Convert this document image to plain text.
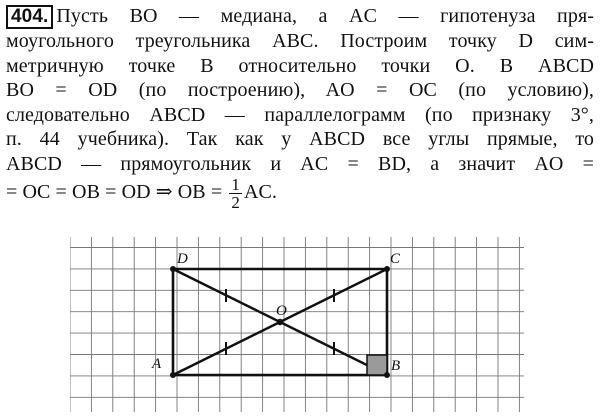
404. Пусть BO — медиана, а AC — гипотенуза пря-
моугольного треугольника ABC. Построим точку D сим-
метричную точке B относительно точки O. В ABCD
BO = OD (по построению), AO = OC (по условию),
следовательно ABCD — параллелограмм (по признаку 3°,
п. 44 учебника). Так как у ABCD все углы прямые, то
ABCD — прямоугольник и AC = BD, а значит AO =
= OC = OB = OD ⇒ OB = $\frac{1}{2}$ AC.
A	B
C
D
O
